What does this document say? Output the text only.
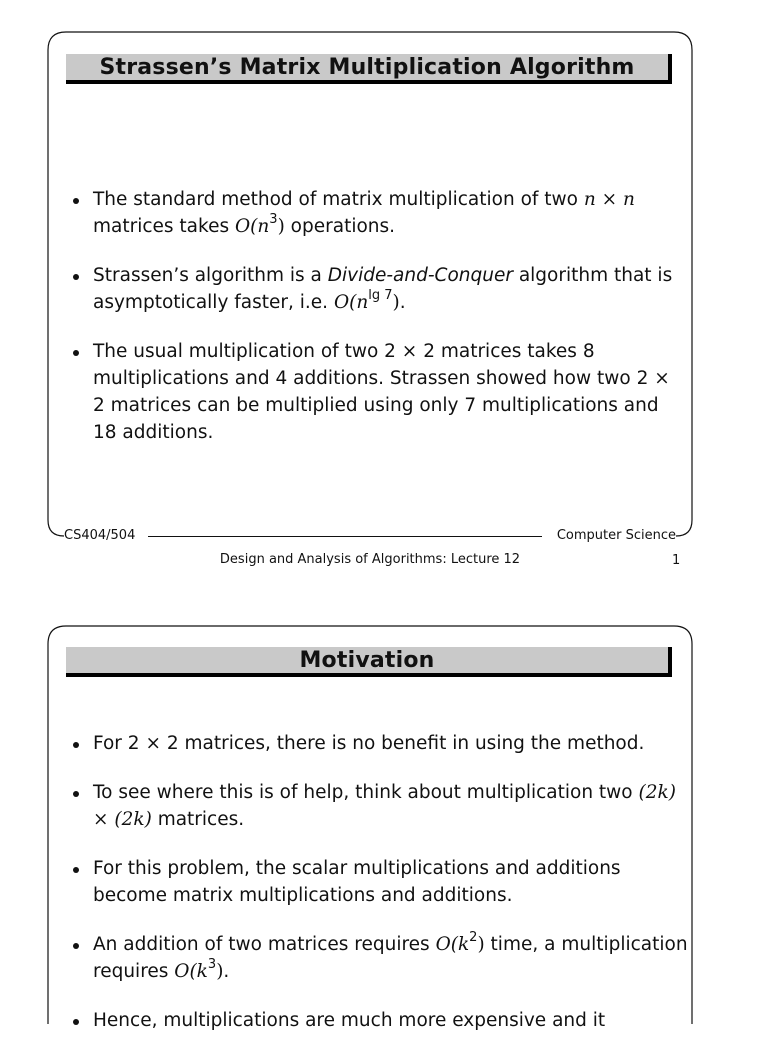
Strassen’s Matrix Multiplication Algorithm
The standard method of matrix multiplication of two n × n
matrices takes $O(n^3)$ operations.
Strassen’s algorithm is a Divide-and-Conquer algorithm that is asymptotically faster, i.e. $O(n^{lg 7})$.
The usual multiplication of two 2 × 2 matrices takes 8 multiplications and 4 additions. Strassen showed how two 2 × 2 matrices can be multiplied using only 7 multiplications and 18 additions.
CS404/504	Computer Science
Design and Analysis of Algorithms: Lecture 12	1
Motivation
For 2 × 2 matrices, there is no benefit in using the method.
To see where this is of help, think about multiplication two (2k) × (2k) matrices.
For this problem, the scalar multiplications and additions become matrix multiplications and additions.
An addition of two matrices requires $O(k^2)$ time, a multiplication requires $O(k^3)$.
Hence, multiplications are much more expensive and it
